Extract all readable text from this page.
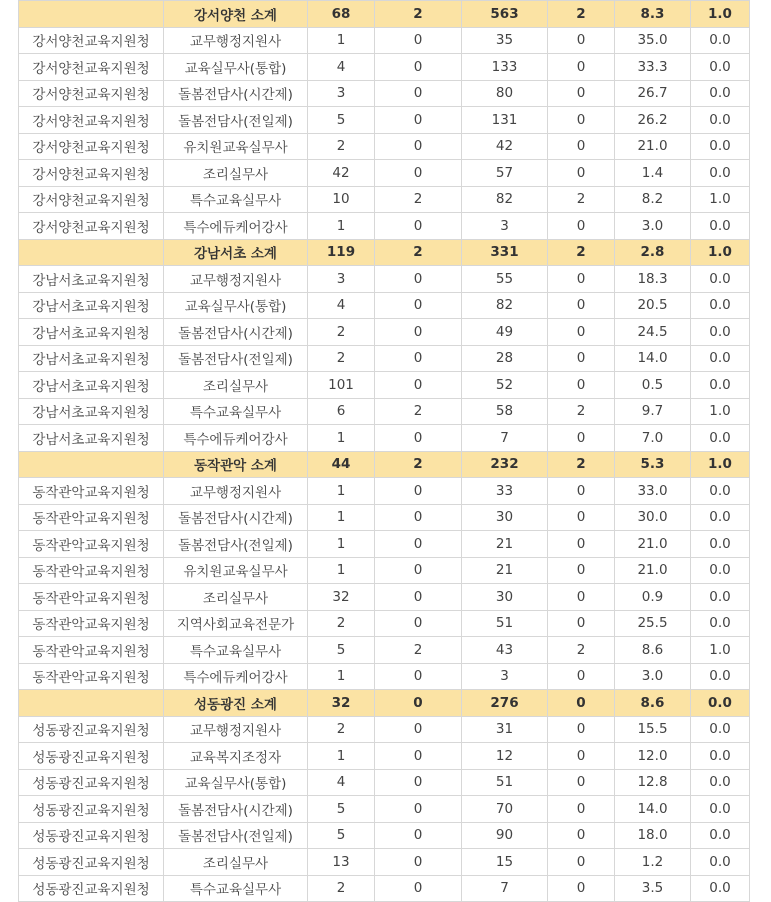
	강서양천 소계	68	2	563	2	8.3	1.0
강서양천교육지원청	교무행정지원사	1	0	35	0	35.0	0.0
강서양천교육지원청	교육실무사(통합)	4	0	133	0	33.3	0.0
강서양천교육지원청	돌봄전담사(시간제)	3	0	80	0	26.7	0.0
강서양천교육지원청	돌봄전담사(전일제)	5	0	131	0	26.2	0.0
강서양천교육지원청	유치원교육실무사	2	0	42	0	21.0	0.0
강서양천교육지원청	조리실무사	42	0	57	0	1.4	0.0
강서양천교육지원청	특수교육실무사	10	2	82	2	8.2	1.0
강서양천교육지원청	특수에듀케어강사	1	0	3	0	3.0	0.0
	강남서초 소계	119	2	331	2	2.8	1.0
강남서초교육지원청	교무행정지원사	3	0	55	0	18.3	0.0
강남서초교육지원청	교육실무사(통합)	4	0	82	0	20.5	0.0
강남서초교육지원청	돌봄전담사(시간제)	2	0	49	0	24.5	0.0
강남서초교육지원청	돌봄전담사(전일제)	2	0	28	0	14.0	0.0
강남서초교육지원청	조리실무사	101	0	52	0	0.5	0.0
강남서초교육지원청	특수교육실무사	6	2	58	2	9.7	1.0
강남서초교육지원청	특수에듀케어강사	1	0	7	0	7.0	0.0
	동작관악 소계	44	2	232	2	5.3	1.0
동작관악교육지원청	교무행정지원사	1	0	33	0	33.0	0.0
동작관악교육지원청	돌봄전담사(시간제)	1	0	30	0	30.0	0.0
동작관악교육지원청	돌봄전담사(전일제)	1	0	21	0	21.0	0.0
동작관악교육지원청	유치원교육실무사	1	0	21	0	21.0	0.0
동작관악교육지원청	조리실무사	32	0	30	0	0.9	0.0
동작관악교육지원청	지역사회교육전문가	2	0	51	0	25.5	0.0
동작관악교육지원청	특수교육실무사	5	2	43	2	8.6	1.0
동작관악교육지원청	특수에듀케어강사	1	0	3	0	3.0	0.0
	성동광진 소계	32	0	276	0	8.6	0.0
성동광진교육지원청	교무행정지원사	2	0	31	0	15.5	0.0
성동광진교육지원청	교육복지조정자	1	0	12	0	12.0	0.0
성동광진교육지원청	교육실무사(통합)	4	0	51	0	12.8	0.0
성동광진교육지원청	돌봄전담사(시간제)	5	0	70	0	14.0	0.0
성동광진교육지원청	돌봄전담사(전일제)	5	0	90	0	18.0	0.0
성동광진교육지원청	조리실무사	13	0	15	0	1.2	0.0
성동광진교육지원청	특수교육실무사	2	0	7	0	3.5	0.0
